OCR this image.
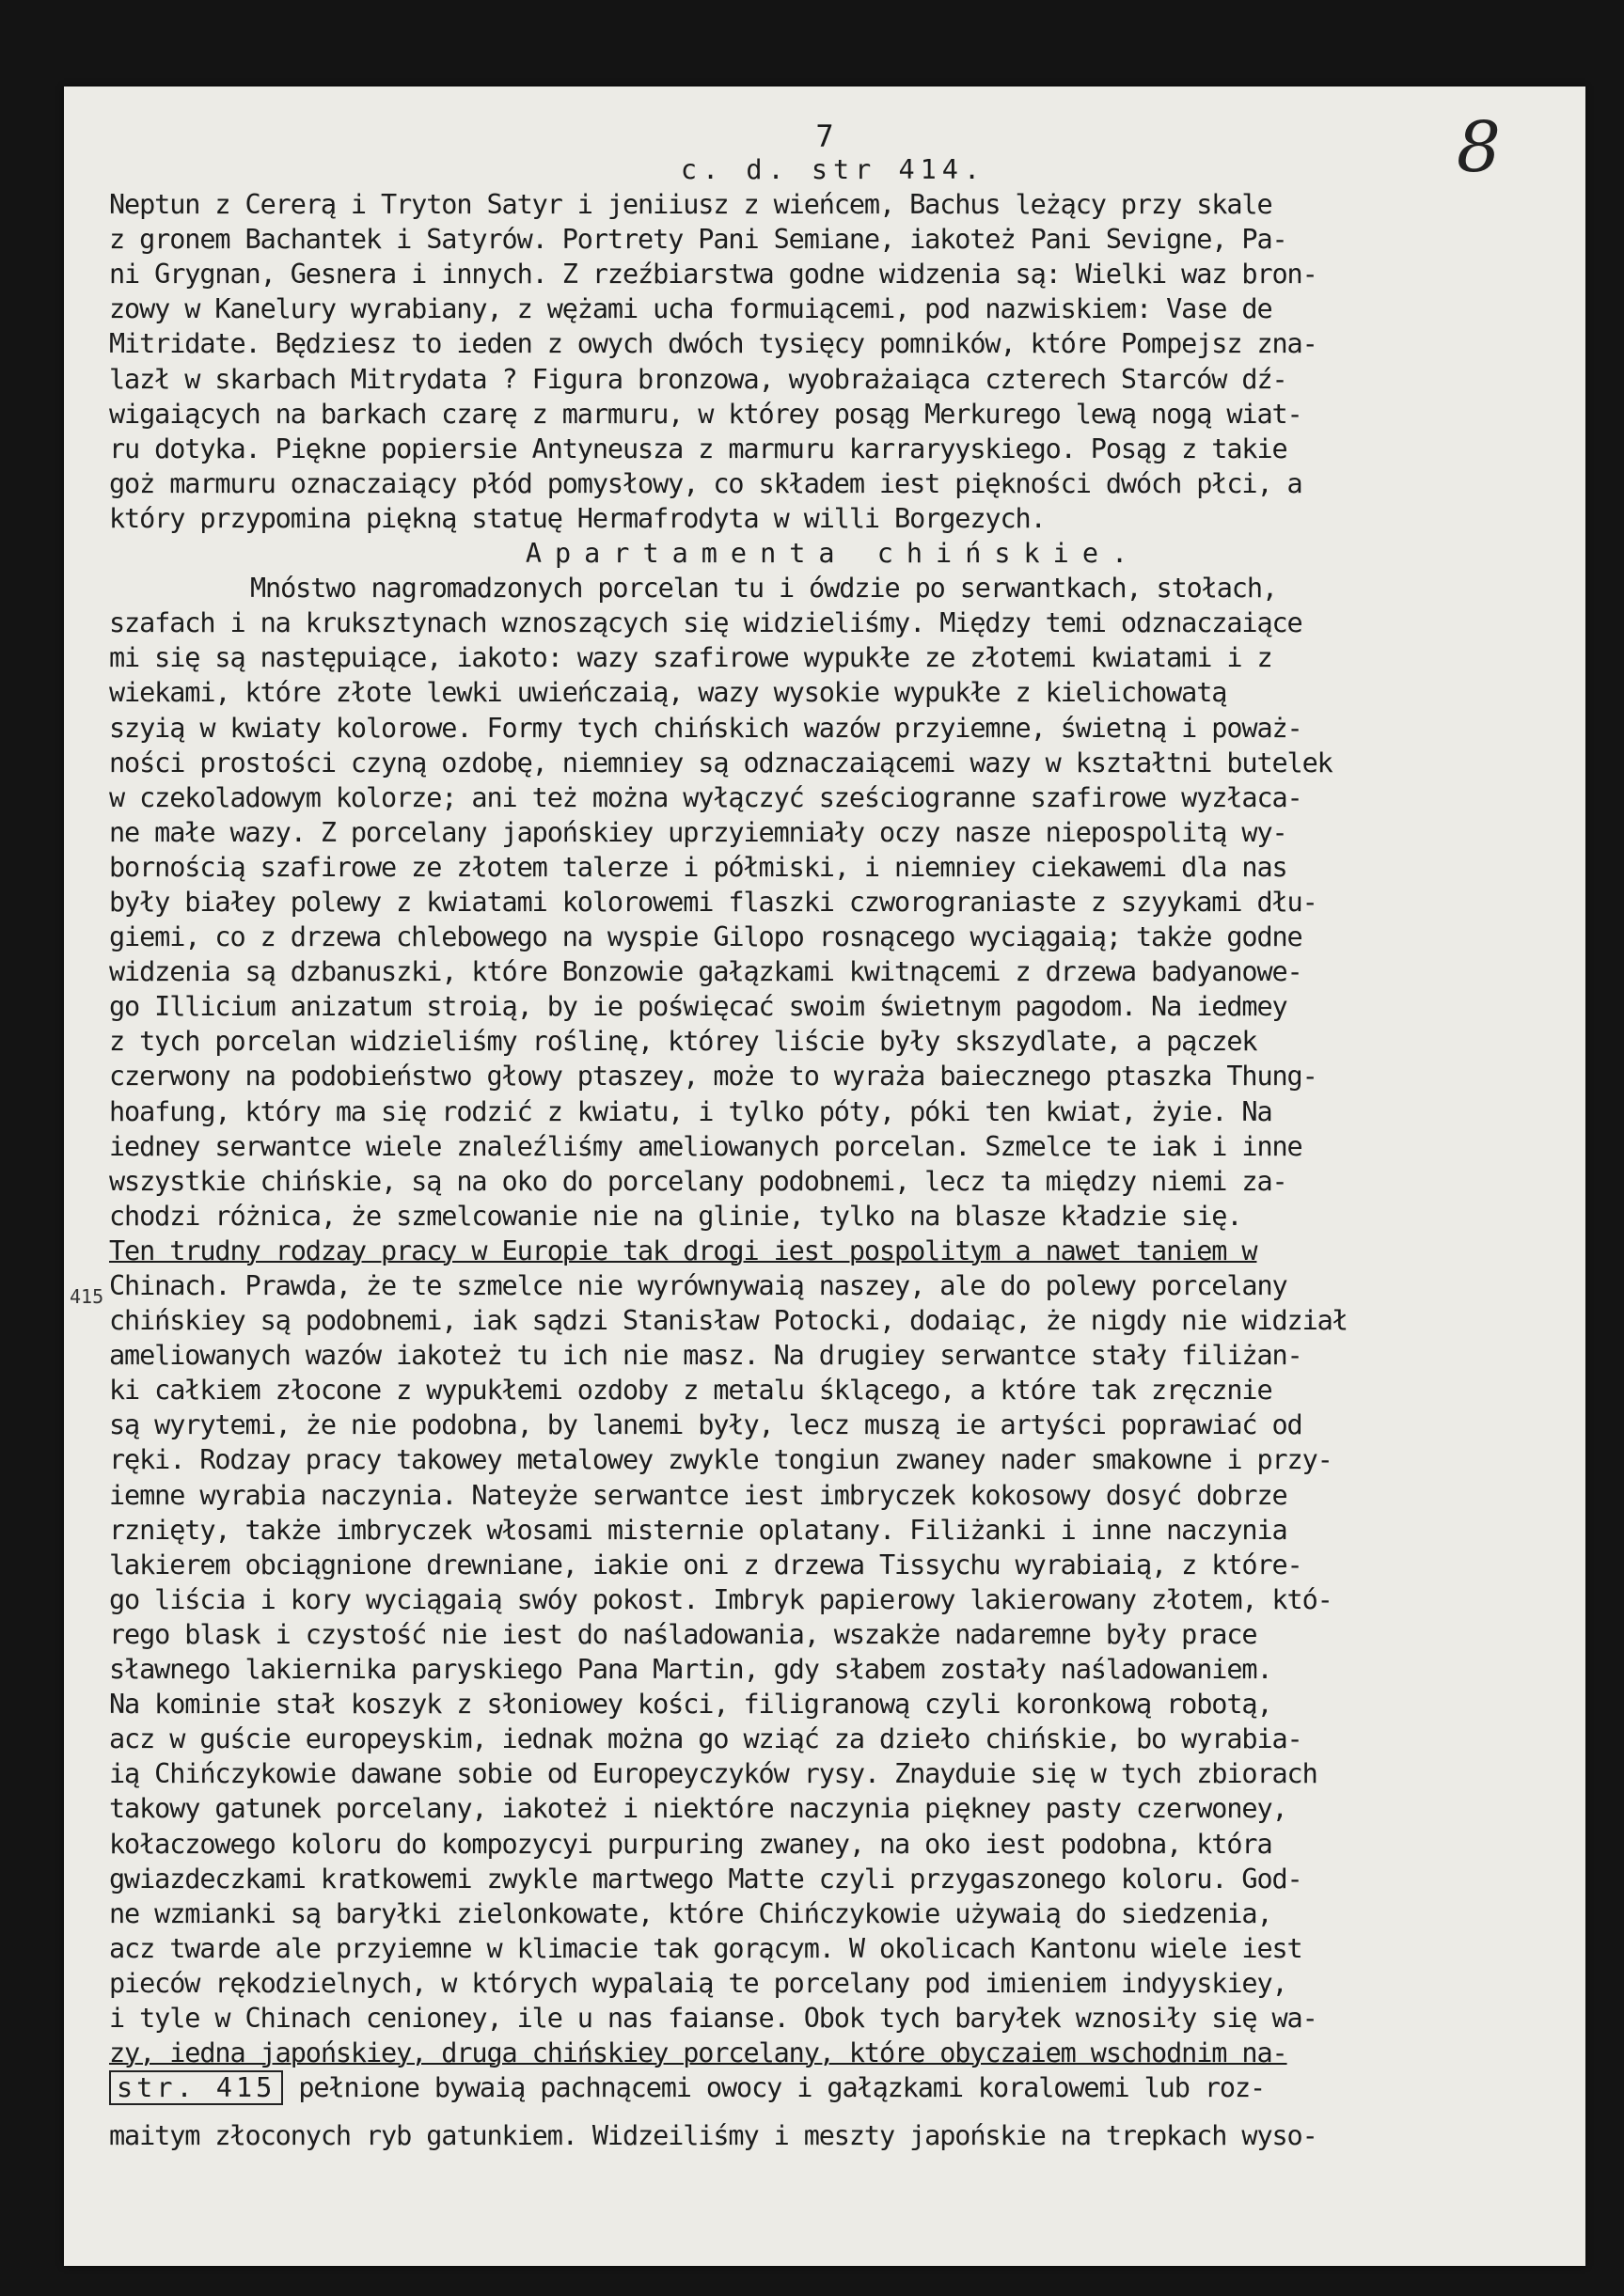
8
7
c. d. str 414.
Neptun z Cererą i Tryton Satyr i jeniiusz z wieńcem, Bachus leżący przy skale
z gronem Bachantek i Satyrów. Portrety Pani Semiane, iakoteż Pani Sevigne, Pa-
ni Grygnan, Gesnera i innych. Z rzeźbiarstwa godne widzenia są: Wielki waz bron-
zowy w Kanelury wyrabiany, z wężami ucha formuiącemi, pod nazwiskiem: Vase de
Mitridate. Będziesz to ieden z owych dwóch tysięcy pomników, które Pompejsz zna-
lazł w skarbach Mitrydata ? Figura bronzowa, wyobrażaiąca czterech Starców dź-
wigaiących na barkach czarę z marmuru, w którey posąg Merkurego lewą nogą wiat-
ru dotyka. Piękne popiersie Antyneusza z marmuru karraryyskiego. Posąg z takie
goż marmuru oznaczaiący płód pomysłowy, co składem iest piękności dwóch płci, a
który przypomina piękną statuę Hermafrodyta w willi Borgezych.
Apartamenta chińskie.
Mnóstwo nagromadzonych porcelan tu i ówdzie po serwantkach, stołach,
szafach i na kruksztynach wznoszących się widzieliśmy. Między temi odznaczaiące
mi się są następuiące, iakoto: wazy szafirowe wypukłe ze złotemi kwiatami i z
wiekami, które złote lewki uwieńczaią, wazy wysokie wypukłe z kielichowatą
szyią w kwiaty kolorowe. Formy tych chińskich wazów przyiemne, świetną i poważ-
ności prostości czyną ozdobę, niemniey są odznaczaiącemi wazy w kształtni butelek
w czekoladowym kolorze; ani też można wyłączyć sześciogranne szafirowe wyzłaca-
ne małe wazy. Z porcelany japońskiey uprzyiemniały oczy nasze niepospolitą wy-
bornością szafirowe ze złotem talerze i półmiski, i niemniey ciekawemi dla nas
były białey polewy z kwiatami kolorowemi flaszki czworograniaste z szyykami dłu-
giemi, co z drzewa chlebowego na wyspie Gilopo rosnącego wyciągaią; także godne
widzenia są dzbanuszki, które Bonzowie gałązkami kwitnącemi z drzewa badyanowe-
go Illicium anizatum stroią, by ie poświęcać swoim świetnym pagodom. Na iedmey
z tych porcelan widzieliśmy roślinę, którey liście były skszydlate, a pączek
czerwony na podobieństwo głowy ptaszey, może to wyraża baiecznego ptaszka Thung-
hoafung, który ma się rodzić z kwiatu, i tylko póty, póki ten kwiat, żyie. Na
iedney serwantce wiele znaleźliśmy ameliowanych porcelan. Szmelce te iak i inne
wszystkie chińskie, są na oko do porcelany podobnemi, lecz ta między niemi za-
chodzi różnica, że szmelcowanie nie na glinie, tylko na blasze kładzie się.
Ten trudny rodzay pracy w Europie tak drogi iest pospolitym a nawet taniem w
Chinach. Prawda, że te szmelce nie wyrównywaią naszey, ale do polewy porcelany
chińskiey są podobnemi, iak sądzi Stanisław Potocki, dodaiąc, że nigdy nie widział
ameliowanych wazów iakoteż tu ich nie masz. Na drugiey serwantce stały filiżan-
ki całkiem złocone z wypukłemi ozdoby z metalu śklącego, a które tak zręcznie
są wyrytemi, że nie podobna, by lanemi były, lecz muszą ie artyści poprawiać od
ręki. Rodzay pracy takowey metalowey zwykle tongiun zwaney nader smakowne i przy-
iemne wyrabia naczynia. Nateyże serwantce iest imbryczek kokosowy dosyć dobrze
rznięty, także imbryczek włosami misternie oplatany. Filiżanki i inne naczynia
lakierem obciągnione drewniane, iakie oni z drzewa Tissychu wyrabiaią, z które-
go liścia i kory wyciągaią swóy pokost. Imbryk papierowy lakierowany złotem, któ-
rego blask i czystość nie iest do naśladowania, wszakże nadaremne były prace
sławnego lakiernika paryskiego Pana Martin, gdy słabem zostały naśladowaniem.
Na kominie stał koszyk z słoniowey kości, filigranową czyli koronkową robotą,
acz w guście europeyskim, iednak można go wziąć za dzieło chińskie, bo wyrabia-
ią Chińczykowie dawane sobie od Europeyczyków rysy. Znayduie się w tych zbiorach
takowy gatunek porcelany, iakoteż i niektóre naczynia piękney pasty czerwoney,
kołaczowego koloru do kompozycyi purpuring zwaney, na oko iest podobna, która
gwiazdeczkami kratkowemi zwykle martwego Matte czyli przygaszonego koloru. God-
ne wzmianki są baryłki zielonkowate, które Chińczykowie używaią do siedzenia,
acz twarde ale przyiemne w klimacie tak gorącym. W okolicach Kantonu wiele iest
pieców rękodzielnych, w których wypalaią te porcelany pod imieniem indyyskiey,
i tyle w Chinach cenioney, ile u nas faianse. Obok tych baryłek wznosiły się wa-
zy, iedna japońskiey, druga chińskiey porcelany, które obyczaiem wschodnim na-
str. 415 pełnione bywaią pachnącemi owocy i gałązkami koralowemi lub roz-
maitym złoconych ryb gatunkiem. Widzeiliśmy i meszty japońskie na trepkach wyso-
415
